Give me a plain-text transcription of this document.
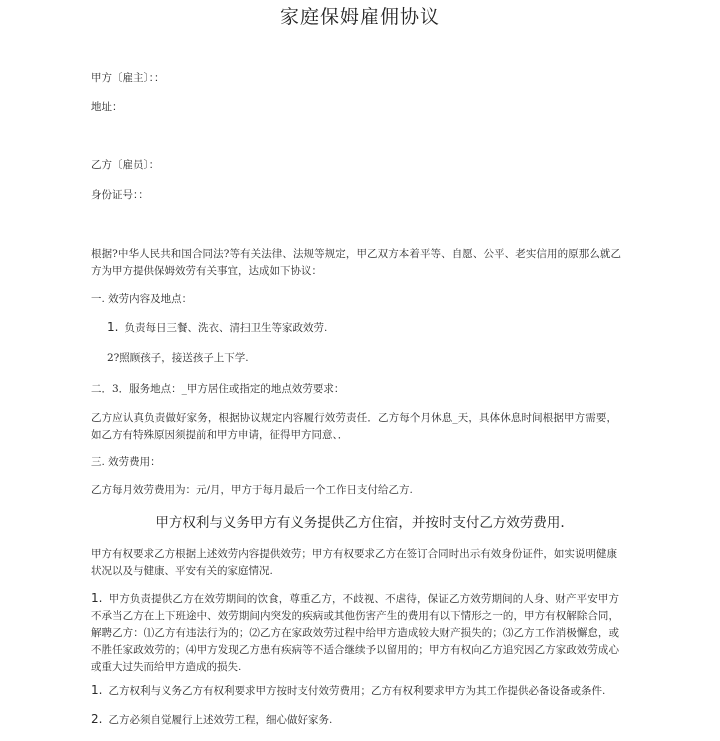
家庭保姆雇佣协议
甲方〔雇主〕：：
地址：
乙方〔雇员〕：
身份证号：：
根据?中华人民共和国合同法?等有关法律、法规等规定，甲乙双方本着平等、自愿、公平、老实信用的原那么就乙方为甲方提供保姆效劳有关事宜，达成如下协议：
一. 效劳内容及地点：
1. 负责每日三餐、洗衣、清扫卫生等家政效劳.
2?照顾孩子，接送孩子上下学.
二．3．服务地点：_甲方居住或指定的地点效劳要求：
乙方应认真负责做好家务，根据协议规定内容履行效劳责任．乙方每个月休息_天，具体休息时间根据甲方需要，如乙方有特殊原因须提前和甲方申请，征得甲方同意、．
三. 效劳费用：
乙方每月效劳费用为：元/月，甲方于每月最后一个工作日支付给乙方.
甲方权利与义务甲方有义务提供乙方住宿，并按时支付乙方效劳费用.
甲方有权要求乙方根据上述效劳内容提供效劳；甲方有权要求乙方在签订合同时出示有效身份证件，如实说明健康状况以及与健康、平安有关的家庭情况.
1. 甲方负责提供乙方在效劳期间的饮食，尊重乙方，不歧视、不虐待，保证乙方效劳期间的人身、财产平安甲方不承当乙方在上下班途中、效劳期间内突发的疾病或其他伤害产生的费用有以下情形之一的，甲方有权解除合同，解聘乙方：⑴乙方有违法行为的；⑵乙方在家政效劳过程中给甲方造成较大财产损失的；⑶乙方工作消极懈怠，或不胜任家政效劳的；⑷甲方发现乙方患有疾病等不适合继续予以留用的；甲方有权向乙方追究因乙方家政效劳成心或重大过失而给甲方造成的损失.
1. 乙方权利与义务乙方有权利要求甲方按时支付效劳费用；乙方有权利要求甲方为其工作提供必备设备或条件.
2. 乙方必须自觉履行上述效劳工程，细心做好家务.
